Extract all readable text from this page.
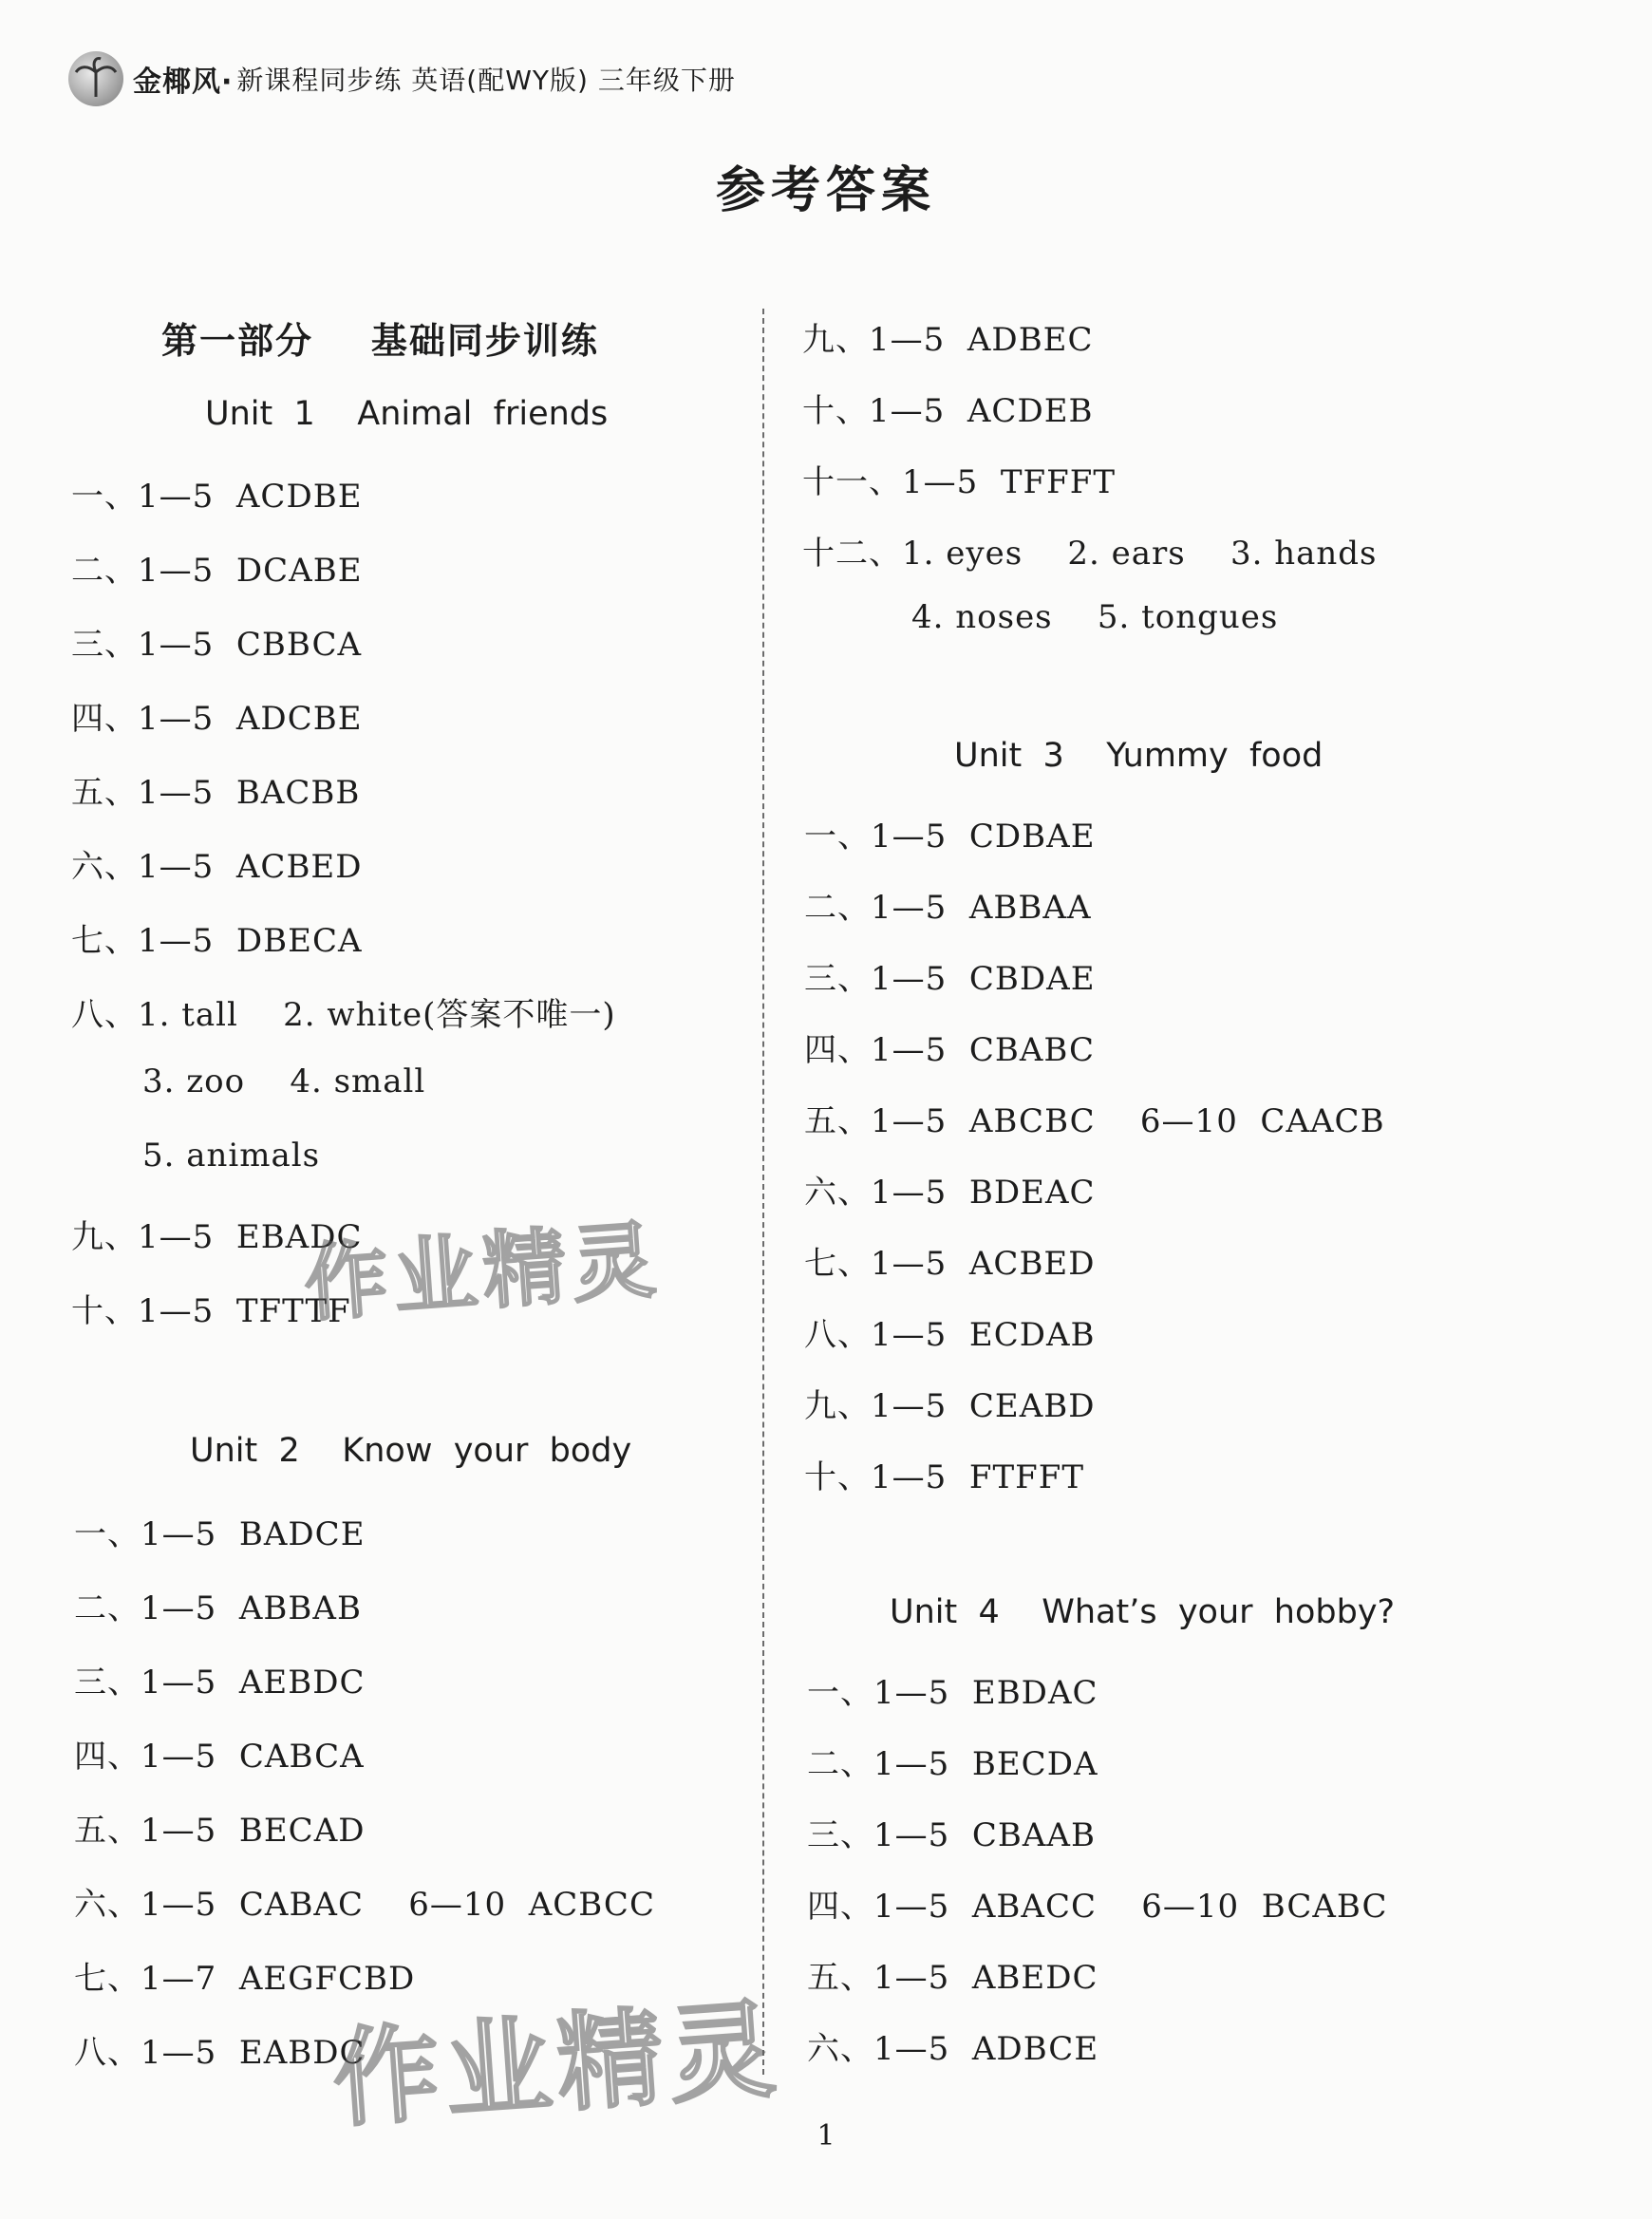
金椰风· 新课程同步练 英语(配WY版) 三年级下册
参考答案
第一部分    基础同步训练
Unit  1    Animal  friends
一、1—5  ACDBE
二、1—5  DCABE
三、1—5  CBBCA
四、1—5  ADCBE
五、1—5  BACBB
六、1—5  ACBED
七、1—5  DBECA
八、1. tall    2. white(答案不唯一)
3. zoo    4. small
5. animals
九、1—5  EBADC
十、1—5  TFTTF
Unit  2    Know  your  body
一、1—5  BADCE
二、1—5  ABBAB
三、1—5  AEBDC
四、1—5  CABCA
五、1—5  BECAD
六、1—5  CABAC    6—10  ACBCC
七、1—7  AEGFCBD
八、1—5  EABDC
九、1—5  ADBEC
十、1—5  ACDEB
十一、1—5  TFFFT
十二、1. eyes    2. ears    3. hands
4. noses    5. tongues
Unit  3    Yummy  food
一、1—5  CDBAE
二、1—5  ABBAA
三、1—5  CBDAE
四、1—5  CBABC
五、1—5  ABCBC    6—10  CAACB
六、1—5  BDEAC
七、1—5  ACBED
八、1—5  ECDAB
九、1—5  CEABD
十、1—5  FTFFT
Unit  4    What’s  your  hobby?
一、1—5  EBDAC
二、1—5  BECDA
三、1—5  CBAAB
四、1—5  ABACC    6—10  BCABC
五、1—5  ABEDC
六、1—5  ADBCE
作业精灵
作业精灵	1
